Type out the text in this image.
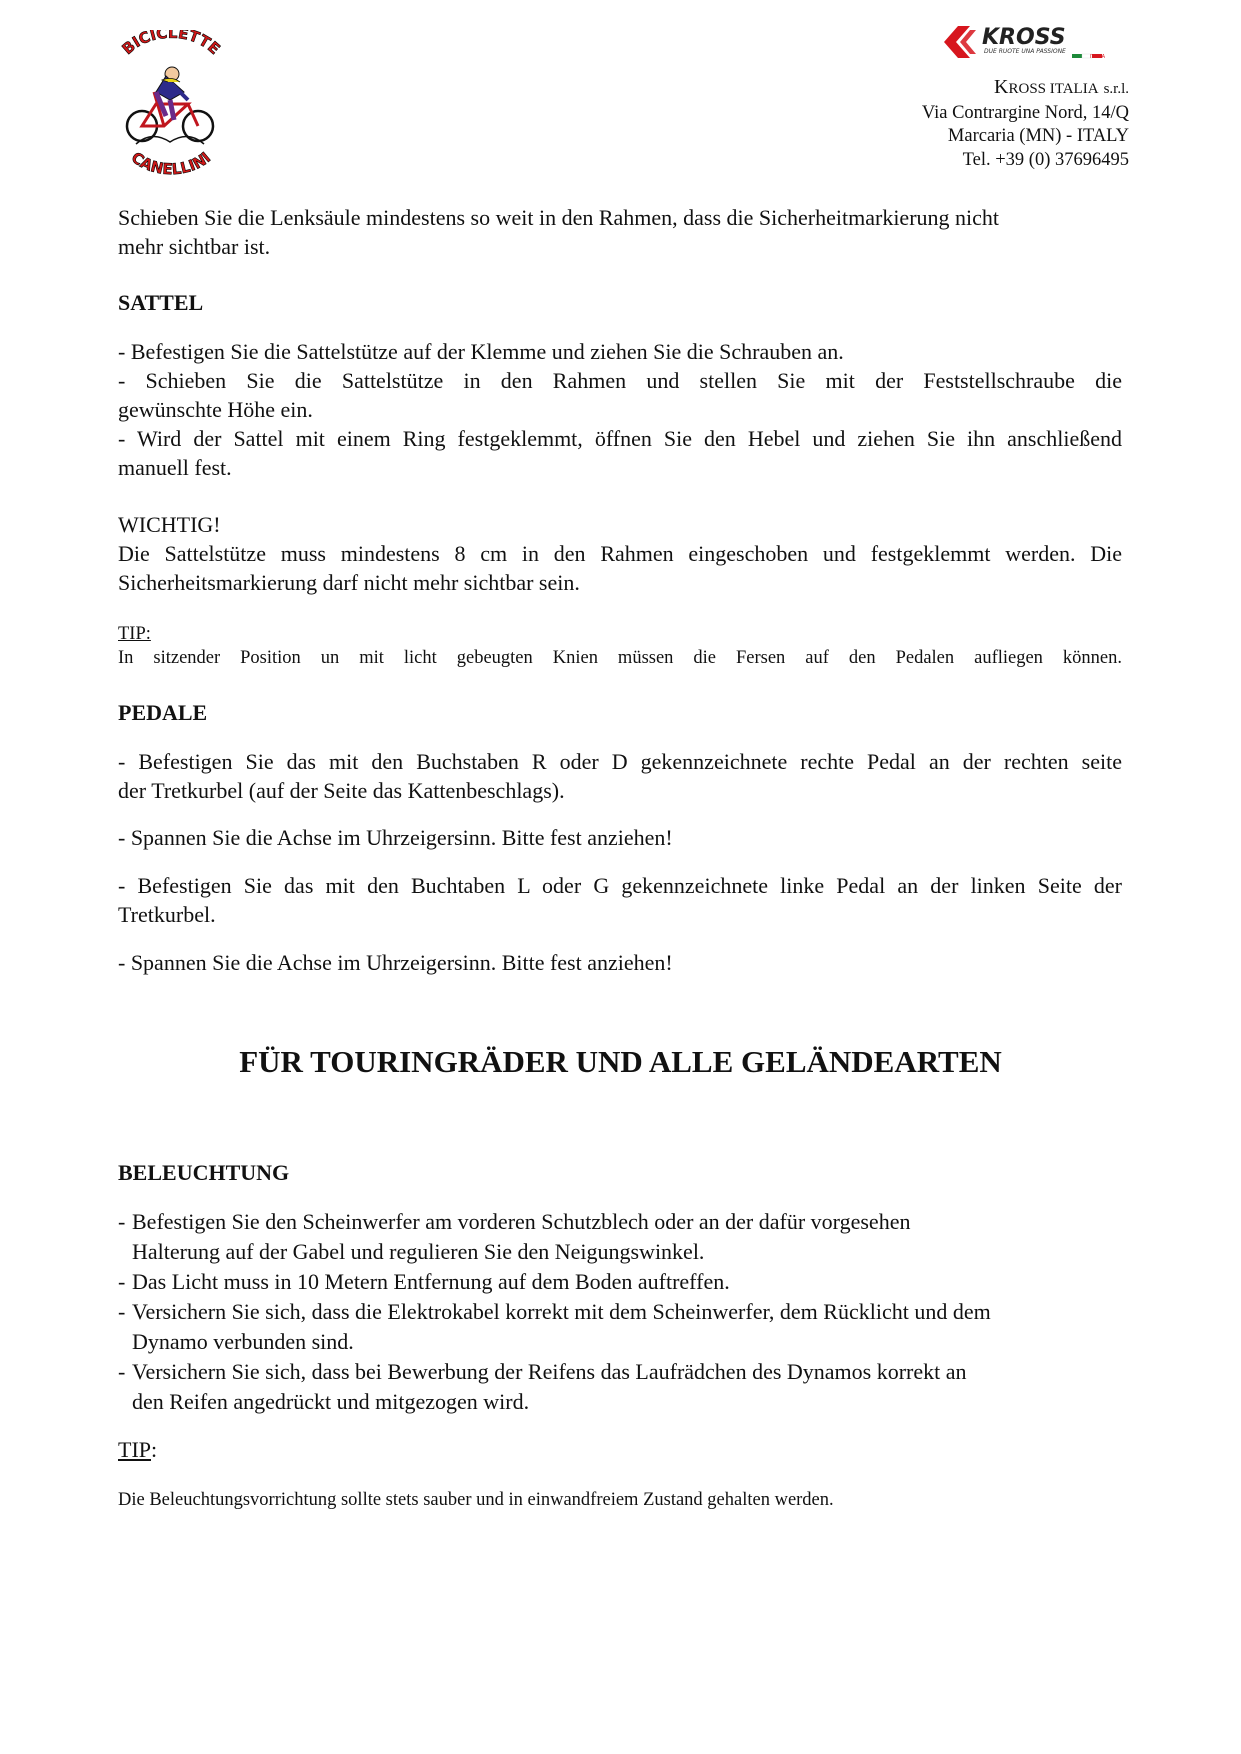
BICICLETTE
CANELLINI
KROSS
DUE RUOTE UNA PASSIONE
ITALIA
KROSS ITALIA s.r.l.
Via Contrargine Nord, 14/Q
Marcaria (MN) - ITALY
Tel. +39 (0) 37696495
Schieben Sie die Lenksäule mindestens so weit in den Rahmen, dass die Sicherheitmarkierung nicht
mehr sichtbar ist.
SATTEL
- Befestigen Sie die Sattelstütze auf der Klemme und ziehen Sie die Schrauben an.
- Schieben Sie die Sattelstütze in den Rahmen und stellen Sie mit der Feststellschraube die
gewünschte Höhe ein.
- Wird der Sattel mit einem Ring festgeklemmt, öffnen Sie den Hebel und ziehen Sie ihn anschließend
manuell fest.
WICHTIG!
Die Sattelstütze muss mindestens 8 cm in den Rahmen eingeschoben und festgeklemmt werden. Die
Sicherheitsmarkierung darf nicht mehr sichtbar sein.
TIP:
In sitzender Position un mit licht gebeugten Knien müssen die Fersen auf den Pedalen aufliegen können.
PEDALE
- Befestigen Sie das mit den Buchstaben R oder D gekennzeichnete rechte Pedal an der rechten seite
der Tretkurbel (auf der Seite das Kattenbeschlags).
- Spannen Sie die Achse im Uhrzeigersinn. Bitte fest anziehen!
- Befestigen Sie das mit den Buchtaben L oder G gekennzeichnete linke Pedal an der linken Seite der
Tretkurbel.
- Spannen Sie die Achse im Uhrzeigersinn. Bitte fest anziehen!
FÜR TOURINGRÄDER UND ALLE GELÄNDEARTEN
BELEUCHTUNG
- Befestigen Sie den Scheinwerfer am vorderen Schutzblech oder an der dafür vorgesehen
Halterung auf der Gabel und regulieren Sie den Neigungswinkel.
- Das Licht muss in 10 Metern Entfernung auf dem Boden auftreffen.
- Versichern Sie sich, dass die Elektrokabel korrekt mit dem Scheinwerfer, dem Rücklicht und dem
Dynamo verbunden sind.
- Versichern Sie sich, dass bei Bewerbung der Reifens das Laufrädchen des Dynamos korrekt an
den Reifen angedrückt und mitgezogen wird.
TIP:
Die Beleuchtungsvorrichtung sollte stets sauber und in einwandfreiem Zustand gehalten werden.
